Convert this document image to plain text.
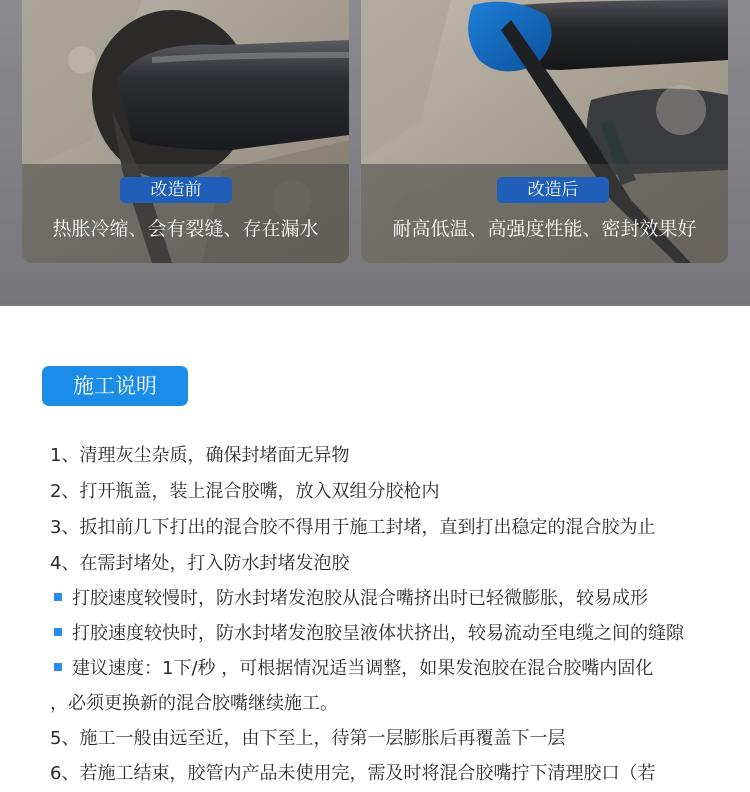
改造前
热胀冷缩、会有裂缝、存在漏水
改造后
耐高低温、高强度性能、密封效果好
施工说明
1、清理灰尘杂质，确保封堵面无异物
2、打开瓶盖，装上混合胶嘴，放入双组分胶枪内
3、扳扣前几下打出的混合胶不得用于施工封堵，直到打出稳定的混合胶为止
4、在需封堵处，打入防水封堵发泡胶
打胶速度较慢时，防水封堵发泡胶从混合嘴挤出时已轻微膨胀，较易成形
打胶速度较快时，防水封堵发泡胶呈液体状挤出，较易流动至电缆之间的缝隙
建议速度：1下/秒 ，可根据情况适当调整，如果发泡胶在混合胶嘴内固化
，必须更换新的混合胶嘴继续施工。
5、施工一般由远至近，由下至上，待第一层膨胀后再覆盖下一层
6、若施工结束，胶管内产品未使用完，需及时将混合胶嘴拧下清理胶口（若
